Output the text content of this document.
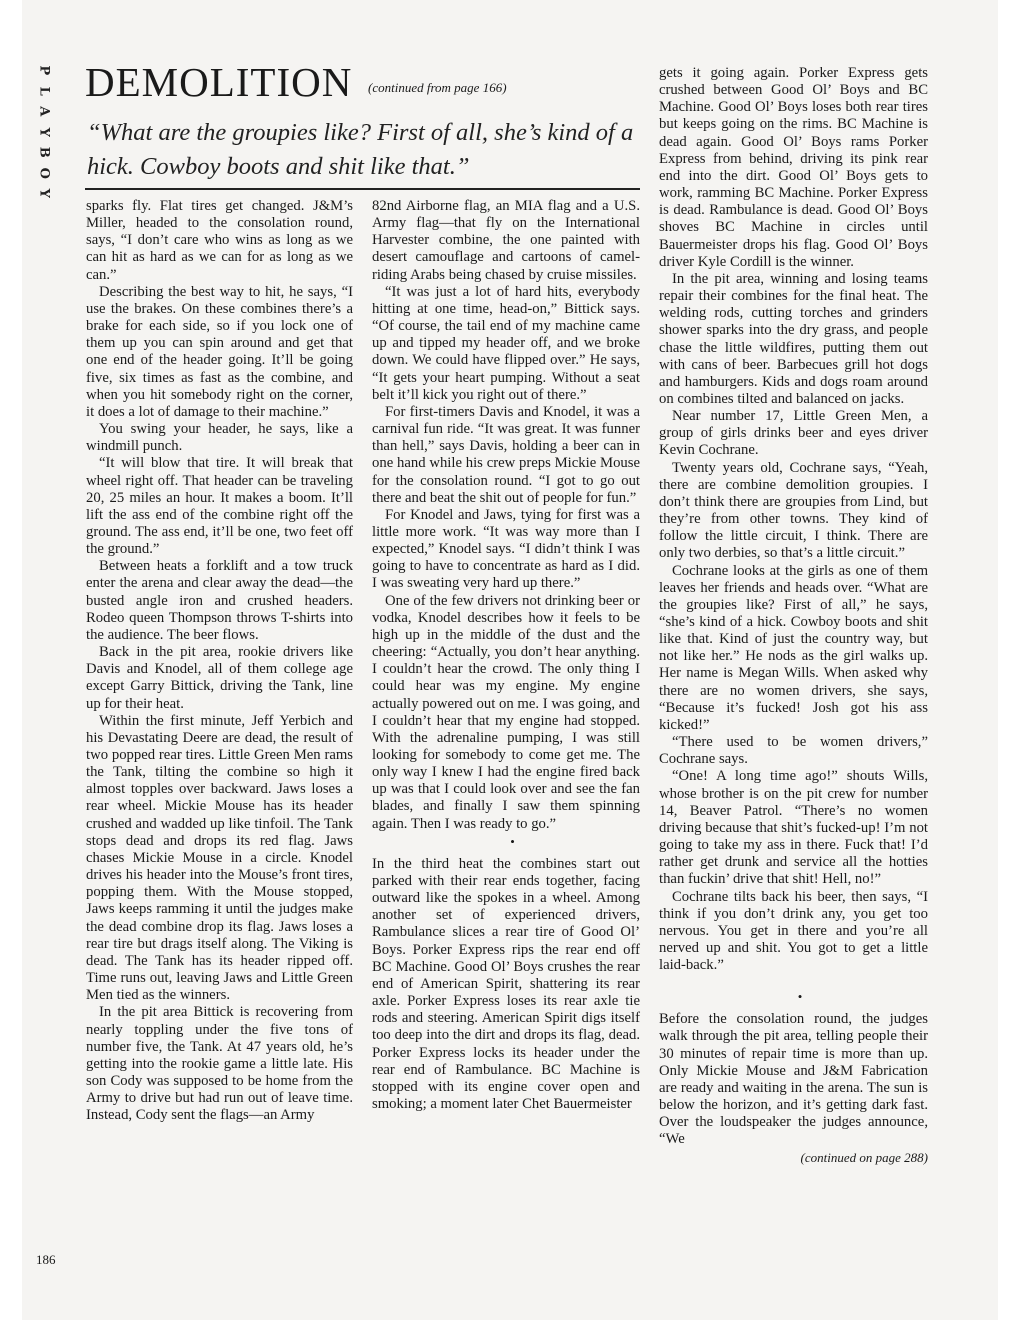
P
L
A
Y
B
O
Y
DEMOLITION (continued from page 166)
“What are the groupies like? First of all, she’s kind of a hick. Cowboy boots and shit like that.”

sparks fly. Flat tires get changed. J&M’s Miller, headed to the consolation round, says, “I don’t care who wins as long as we can hit as hard as we can for as long as we can.”

Describing the best way to hit, he says, “I use the brakes. On these combines there’s a brake for each side, so if you lock one of them up you can spin around and get that one end of the header going. It’ll be going five, six times as fast as the combine, and when you hit somebody right on the corner, it does a lot of damage to their machine.”

You swing your header, he says, like a windmill punch.

“It will blow that tire. It will break that wheel right off. That header can be traveling 20, 25 miles an hour. It makes a boom. It’ll lift the ass end of the combine right off the ground. The ass end, it’ll be one, two feet off the ground.”

Between heats a forklift and a tow truck enter the arena and clear away the dead—the busted angle iron and crushed headers. Rodeo queen Thompson throws T-shirts into the audience. The beer flows.

Back in the pit area, rookie drivers like Davis and Knodel, all of them college age except Garry Bittick, driving the Tank, line up for their heat.

Within the first minute, Jeff Yerbich and his Devastating Deere are dead, the result of two popped rear tires. Little Green Men rams the Tank, tilting the combine so high it almost topples over backward. Jaws loses a rear wheel. Mickie Mouse has its header crushed and wadded up like tinfoil. The Tank stops dead and drops its red flag. Jaws chases Mickie Mouse in a circle. Knodel drives his header into the Mouse’s front tires, popping them. With the Mouse stopped, Jaws keeps ramming it until the judges make the dead combine drop its flag. Jaws loses a rear tire but drags itself along. The Viking is dead. The Tank has its header ripped off. Time runs out, leaving Jaws and Little Green Men tied as the winners.

In the pit area Bittick is recovering from nearly toppling under the five tons of number five, the Tank. At 47 years old, he’s getting into the rookie game a little late. His son Cody was supposed to be home from the Army to drive but had run out of leave time. Instead, Cody sent the flags—an Army

82nd Airborne flag, an MIA flag and a U.S. Army flag—that fly on the International Harvester combine, the one painted with desert camouflage and cartoons of camel-riding Arabs being chased by cruise missiles.

“It was just a lot of hard hits, everybody hitting at one time, head-on,” Bittick says. “Of course, the tail end of my machine came up and tipped my header off, and we broke down. We could have flipped over.” He says, “It gets your heart pumping. Without a seat belt it’ll kick you right out of there.”

For first-timers Davis and Knodel, it was a carnival fun ride. “It was great. It was funner than hell,” says Davis, holding a beer can in one hand while his crew preps Mickie Mouse for the consolation round. “I got to go out there and beat the shit out of people for fun.”

For Knodel and Jaws, tying for first was a little more work. “It was way more than I expected,” Knodel says. “I didn’t think I was going to have to concentrate as hard as I did. I was sweating very hard up there.”

One of the few drivers not drinking beer or vodka, Knodel describes how it feels to be high up in the middle of the dust and the cheering: “Actually, you don’t hear anything. I couldn’t hear the crowd. The only thing I could hear was my engine. My engine actually powered out on me. I was going, and I couldn’t hear that my engine had stopped. With the adrenaline pumping, I was still looking for somebody to come get me. The only way I knew I had the engine fired back up was that I could look over and see the fan blades, and finally I saw them spinning again. Then I was ready to go.”

•

In the third heat the combines start out parked with their rear ends together, facing outward like the spokes in a wheel. Among another set of experienced drivers, Rambulance slices a rear tire of Good Ol’ Boys. Porker Express rips the rear end off BC Machine. Good Ol’ Boys crushes the rear end of American Spirit, shattering its rear axle. Porker Express loses its rear axle tie rods and steering. American Spirit digs itself too deep into the dirt and drops its flag, dead. Porker Express locks its header under the rear end of Rambulance. BC Machine is stopped with its engine cover open and smoking; a moment later Chet Bauermeister

gets it going again. Porker Express gets crushed between Good Ol’ Boys and BC Machine. Good Ol’ Boys loses both rear tires but keeps going on the rims. BC Machine is dead again. Good Ol’ Boys rams Porker Express from behind, driving its pink rear end into the dirt. Good Ol’ Boys gets to work, ramming BC Machine. Porker Express is dead. Rambulance is dead. Good Ol’ Boys shoves BC Machine in circles until Bauermeister drops his flag. Good Ol’ Boys driver Kyle Cordill is the winner.

In the pit area, winning and losing teams repair their combines for the final heat. The welding rods, cutting torches and grinders shower sparks into the dry grass, and people chase the little wildfires, putting them out with cans of beer. Barbecues grill hot dogs and hamburgers. Kids and dogs roam around on combines tilted and balanced on jacks.

Near number 17, Little Green Men, a group of girls drinks beer and eyes driver Kevin Cochrane.

Twenty years old, Cochrane says, “Yeah, there are combine demolition groupies. I don’t think there are groupies from Lind, but they’re from other towns. They kind of follow the little circuit, I think. There are only two derbies, so that’s a little circuit.”

Cochrane looks at the girls as one of them leaves her friends and heads over. “What are the groupies like? First of all,” he says, “she’s kind of a hick. Cowboy boots and shit like that. Kind of just the country way, but not like her.” He nods as the girl walks up. Her name is Megan Wills. When asked why there are no women drivers, she says, “Because it’s fucked! Josh got his ass kicked!”

“There used to be women drivers,” Cochrane says.

“One! A long time ago!” shouts Wills, whose brother is on the pit crew for number 14, Beaver Patrol. “There’s no women driving because that shit’s fucked-up! I’m not going to take my ass in there. Fuck that! I’d rather get drunk and service all the hotties than fuckin’ drive that shit! Hell, no!”

Cochrane tilts back his beer, then says, “I think if you don’t drink any, you get too nervous. You get in there and you’re all nerved up and shit. You got to get a little laid-back.”

•

Before the consolation round, the judges walk through the pit area, telling people their 30 minutes of repair time is more than up. Only Mickie Mouse and J&M Fabrication are ready and waiting in the arena. The sun is below the horizon, and it’s getting dark fast. Over the loudspeaker the judges announce, “We

(continued on page 288)

186
